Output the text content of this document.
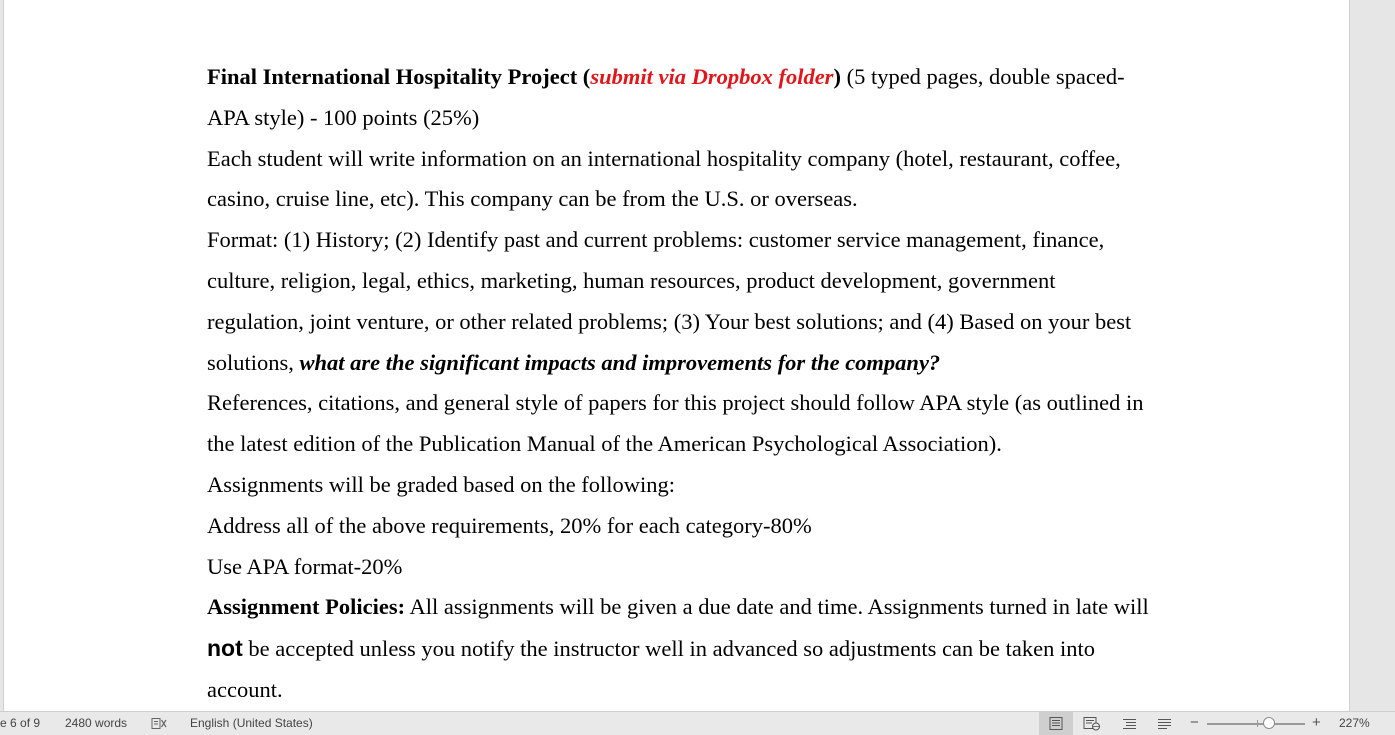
Final International Hospitality Project (submit via Dropbox folder) (5 typed pages, double spaced-APA style) - 100 points (25%)

Each student will write information on an international hospitality company (hotel, restaurant, coffee, casino, cruise line, etc). This company can be from the U.S. or overseas.

Format: (1) History; (2) Identify past and current problems: customer service management, finance, culture, religion, legal, ethics, marketing, human resources, product development, government regulation, joint venture, or other related problems; (3) Your best solutions; and (4) Based on your best solutions, what are the significant impacts and improvements for the company?

References, citations, and general style of papers for this project should follow APA style (as outlined in the latest edition of the Publication Manual of the American Psychological Association).

Assignments will be graded based on the following:

Address all of the above requirements, 20% for each category-80%

Use APA format-20%

Assignment Policies: All assignments will be given a due date and time. Assignments turned in late will not be accepted unless you notify the instructor well in advanced so adjustments can be taken into account.

e 6 of 9 2480 words	English (United States)	−	+ 227%
